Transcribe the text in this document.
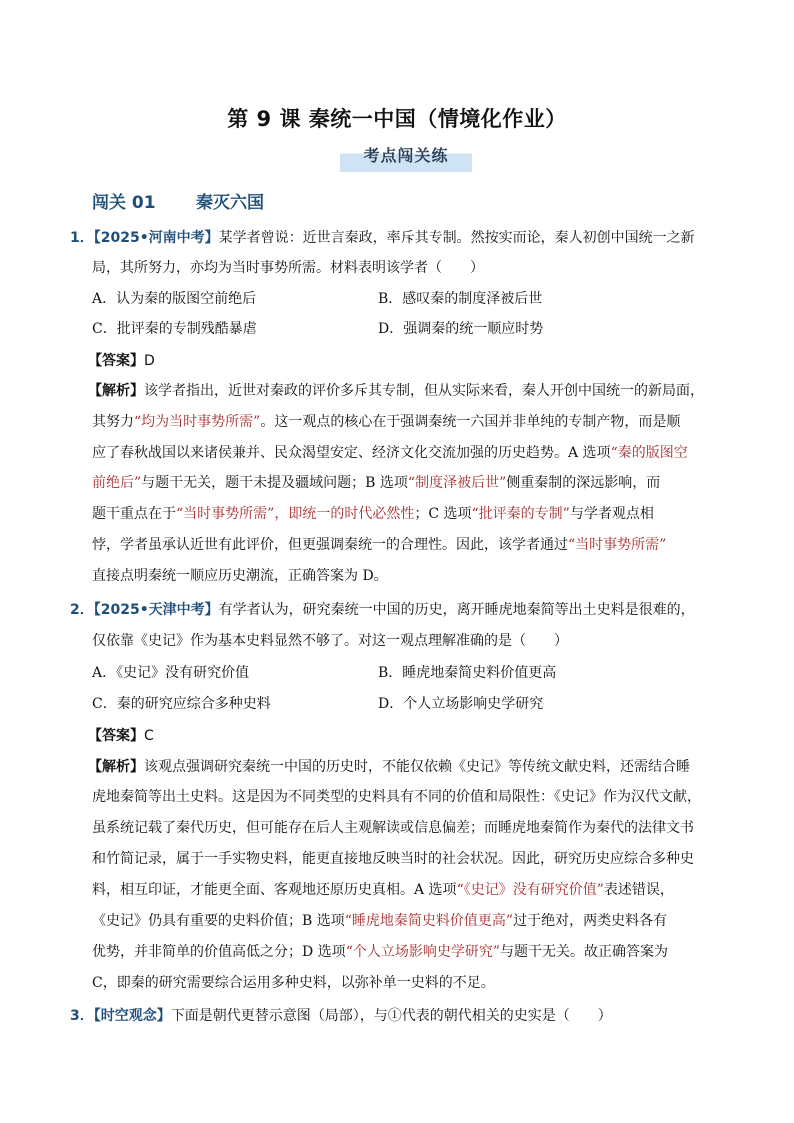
第 9 课 秦统一中国（情境化作业）
考点闯关练
闯关 01 秦灭六国
1．【2025•河南中考】某学者曾说：近世言秦政，率斥其专制。然按实而论，秦人初创中国统一之新
局，其所努力，亦均为当时事势所需。材料表明该学者（　　）
A．认为秦的版图空前绝后	B．感叹秦的制度泽被后世
C．批评秦的专制残酷暴虐	D．强调秦的统一顺应时势
【答案】D
【解析】该学者指出，近世对秦政的评价多斥其专制，但从实际来看，秦人开创中国统一的新局面，
其努力“均为当时事势所需”。这一观点的核心在于强调秦统一六国并非单纯的专制产物，而是顺
应了春秋战国以来诸侯兼并、民众渴望安定、经济文化交流加强的历史趋势。A 选项“秦的版图空
前绝后”与题干无关，题干未提及疆域问题；B 选项“制度泽被后世”侧重秦制的深远影响，而
题干重点在于“当时事势所需”，即统一的时代必然性；C 选项“批评秦的专制”与学者观点相
悖，学者虽承认近世有此评价，但更强调秦统一的合理性。因此，该学者通过“当时事势所需”
直接点明秦统一顺应历史潮流，正确答案为 D。
2．【2025•天津中考】有学者认为，研究秦统一中国的历史，离开睡虎地秦简等出土史料是很难的，
仅依靠《史记》作为基本史料显然不够了。对这一观点理解准确的是（　　）
A．《史记》没有研究价值	B．睡虎地秦简史料价值更高
C．秦的研究应综合多种史料	D．个人立场影响史学研究
【答案】C
【解析】该观点强调研究秦统一中国的历史时，不能仅依赖《史记》等传统文献史料，还需结合睡
虎地秦简等出土史料。这是因为不同类型的史料具有不同的价值和局限性：《史记》作为汉代文献，
虽系统记载了秦代历史，但可能存在后人主观解读或信息偏差；而睡虎地秦简作为秦代的法律文书
和竹简记录，属于一手实物史料，能更直接地反映当时的社会状况。因此，研究历史应综合多种史
料，相互印证，才能更全面、客观地还原历史真相。A 选项“《史记》没有研究价值”表述错误，
《史记》仍具有重要的史料价值；B 选项“睡虎地秦简史料价值更高”过于绝对，两类史料各有
优势，并非简单的价值高低之分；D 选项“个人立场影响史学研究”与题干无关。故正确答案为
C，即秦的研究需要综合运用多种史料，以弥补单一史料的不足。
3．【时空观念】下面是朝代更替示意图（局部），与①代表的朝代相关的史实是（　　）
